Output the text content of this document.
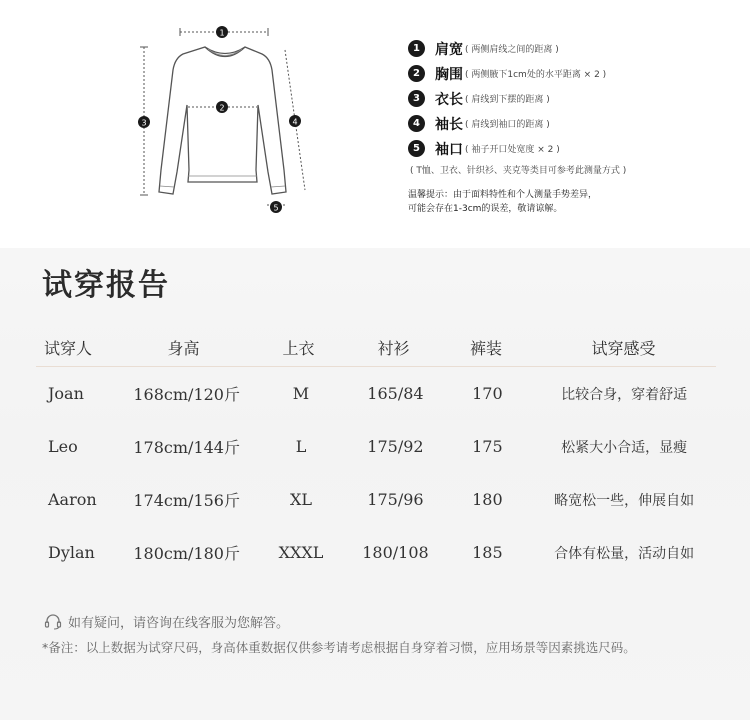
1
2
3	4
5
1	肩宽 ( 两侧肩线之间的距离 )
2	胸围 ( 两侧腋下1cm处的水平距离 × 2 )
3	衣长 ( 肩线到下摆的距离 )
4	袖长 ( 肩线到袖口的距离 )
5	袖口 ( 袖子开口处宽度 × 2 )
( T恤、卫衣、针织衫、夹克等类目可参考此测量方式 )
温馨提示：由于面料特性和个人测量手势差异，
可能会存在1-3cm的误差，敬请谅解。
试穿报告
试穿人	身高	上衣	衬衫	裤装	试穿感受
Joan	168cm/120斤	M	165/84	170	比较合身，穿着舒适
Leo	178cm/144斤	L	175/92	175	松紧大小合适，显瘦
Aaron	174cm/156斤	XL	175/96	180	略宽松一些，伸展自如
Dylan	180cm/180斤	XXXL	180/108	185	合体有松量，活动自如
如有疑问，请咨询在线客服为您解答。
*备注：以上数据为试穿尺码，身高体重数据仅供参考请考虑根据自身穿着习惯，应用场景等因素挑选尺码。
